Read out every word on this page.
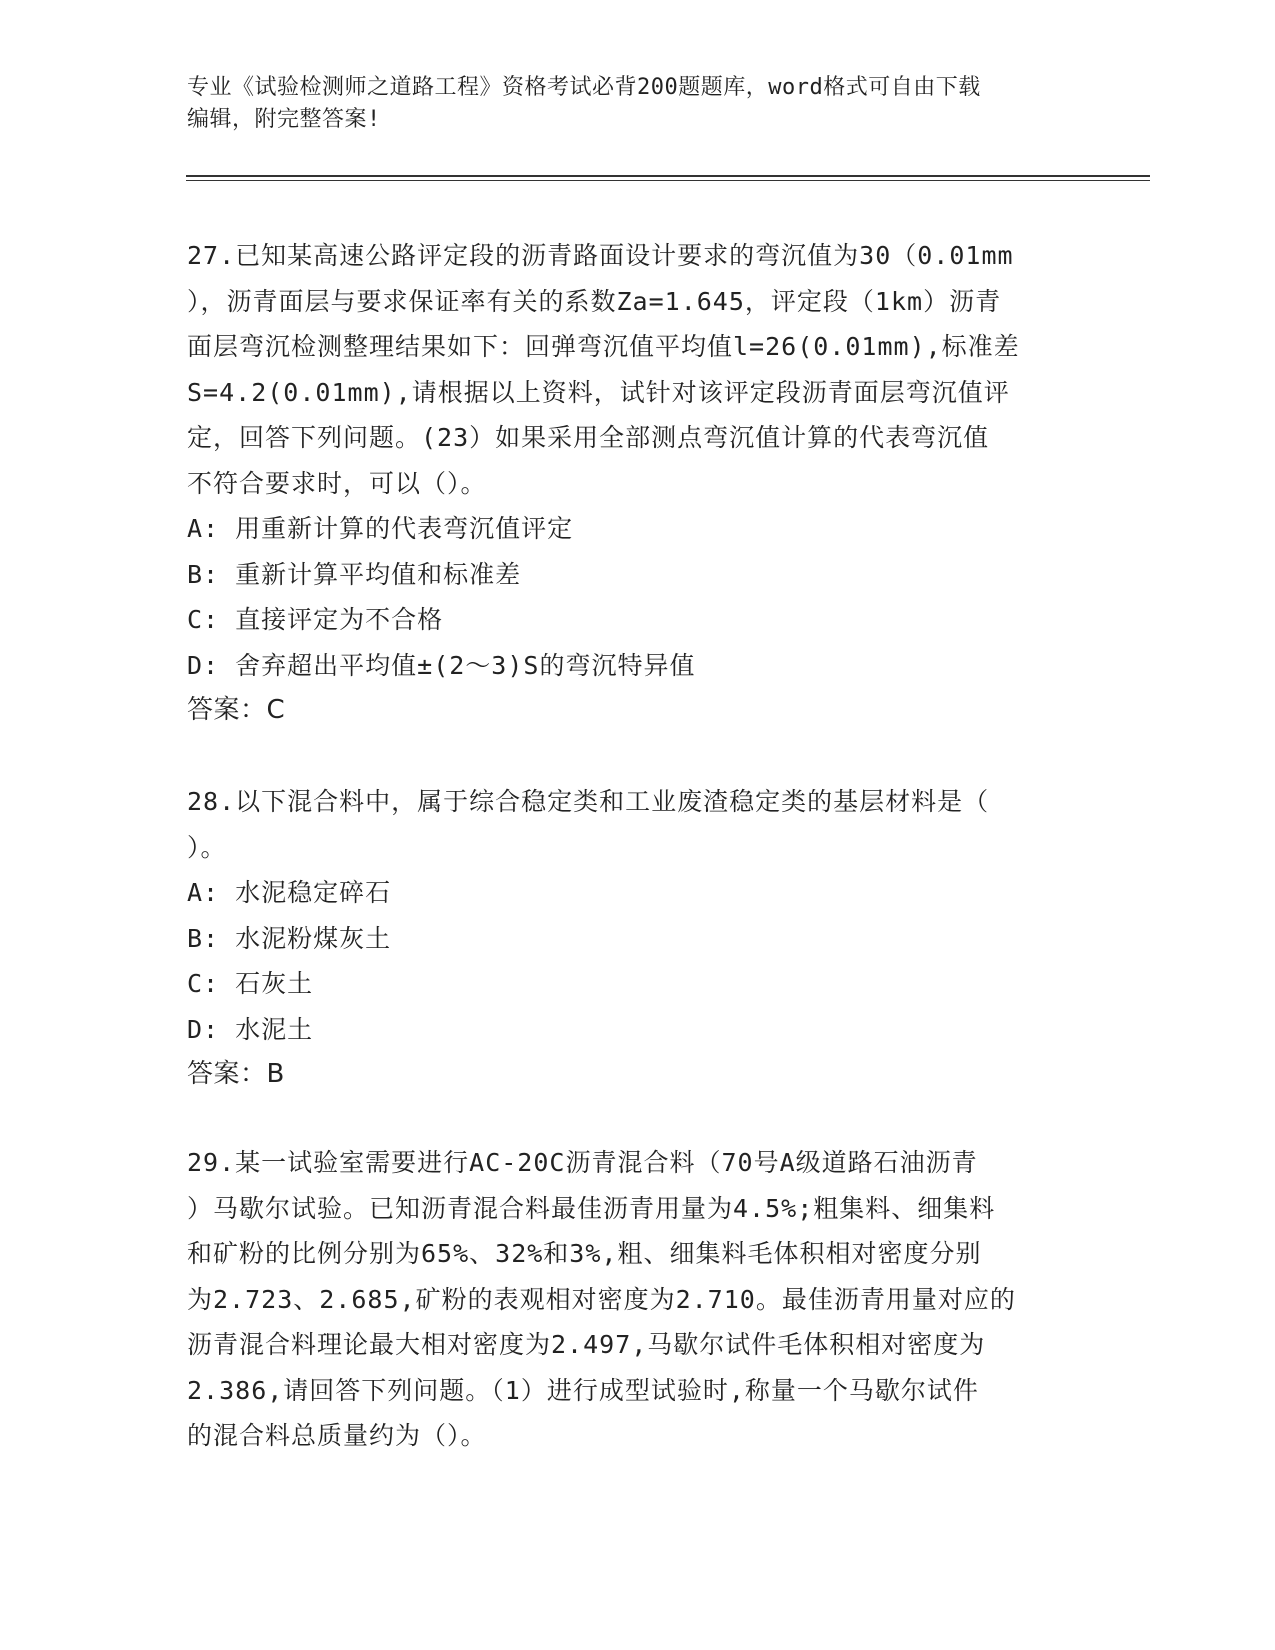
专业《试验检测师之道路工程》资格考试必背200题题库，word格式可自由下载
编辑，附完整答案!
27.已知某高速公路评定段的沥青路面设计要求的弯沉值为30（0.01mm
），沥青面层与要求保证率有关的系数Za=1.645，评定段（1km）沥青
面层弯沉检测整理结果如下：回弹弯沉值平均值l=26(0.01mm),标准差
S=4.2(0.01mm),请根据以上资料，试针对该评定段沥青面层弯沉值评
定，回答下列问题。(23）如果采用全部测点弯沉值计算的代表弯沉值
不符合要求时，可以（）。
A: 用重新计算的代表弯沉值评定
B: 重新计算平均值和标准差
C: 直接评定为不合格
D: 舍弃超出平均值±(2～3)S的弯沉特异值
答案：C
28.以下混合料中，属于综合稳定类和工业废渣稳定类的基层材料是（
）。
A: 水泥稳定碎石
B: 水泥粉煤灰土
C: 石灰土
D: 水泥土
答案：B
29.某一试验室需要进行AC-20C沥青混合料（70号A级道路石油沥青
）马歇尔试验。已知沥青混合料最佳沥青用量为4.5%;粗集料、细集料
和矿粉的比例分别为65%、32%和3%,粗、细集料毛体积相对密度分别
为2.723、2.685,矿粉的表观相对密度为2.710。最佳沥青用量对应的
沥青混合料理论最大相对密度为2.497,马歇尔试件毛体积相对密度为
2.386,请回答下列问题。（1）进行成型试验时,称量一个马歇尔试件
的混合料总质量约为（）。
